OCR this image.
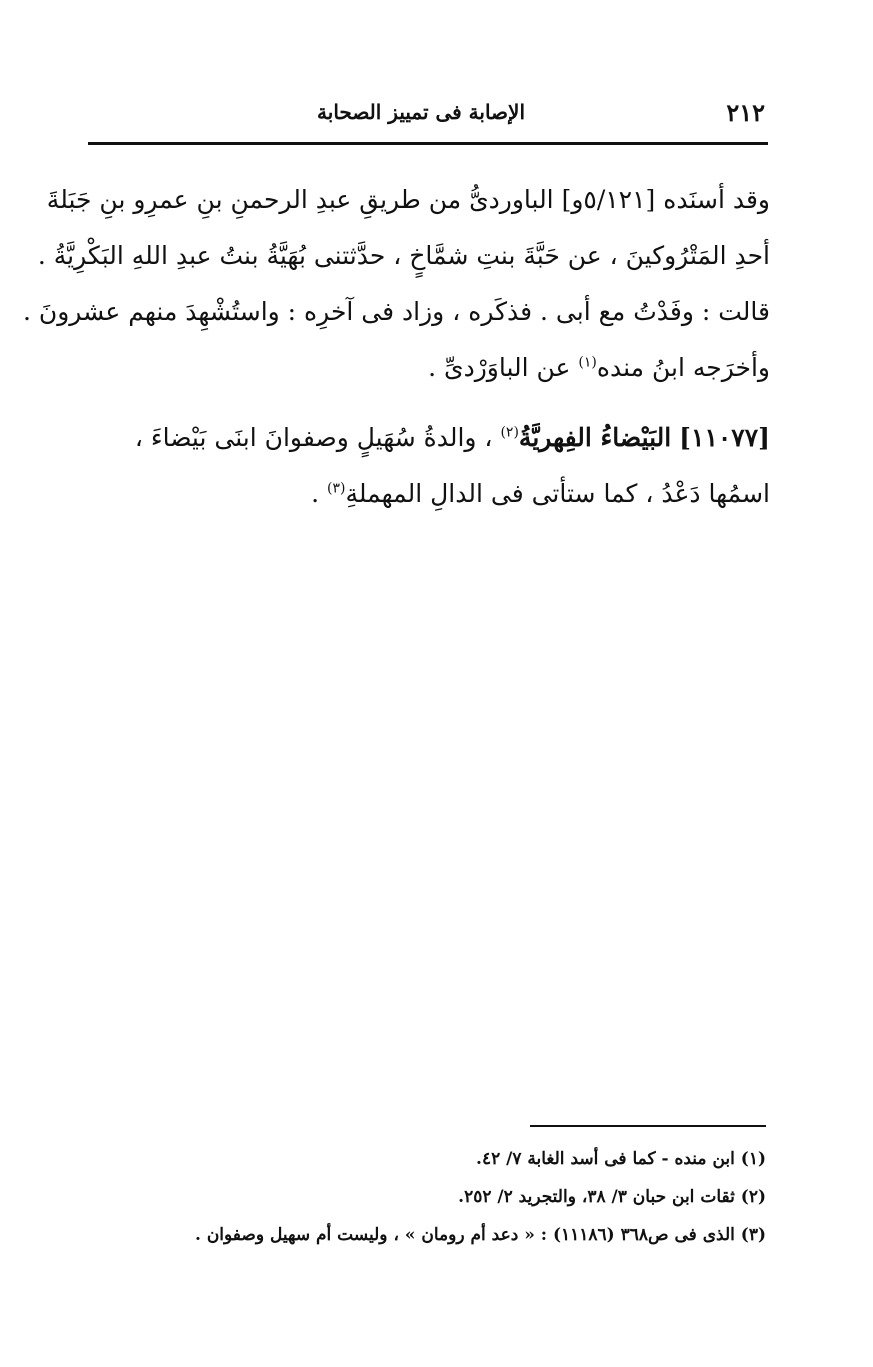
٢١٢
الإصابة فى تمييز الصحابة

وقد أسنَده [٥/١٢١و] الباوردىُّ من طريقِ عبدِ الرحمنِ بنِ عمرِو بنِ جَبَلةَ
أحدِ المَتْرُوكينَ ، عن حَبَّةَ بنتِ شمَّاخٍ ، حدَّثتنى بُهَيَّةُ بنتُ عبدِ اللهِ البَكْرِيَّةُ .
قالت : وفَدْتُ مع أبى . فذكَره ، وزاد فى آخرِه : واستُشْهِدَ منهم عشرونَ .
وأخرَجه ابنُ منده$^{(١)}$ عن الباوَرْدىِّ .

[١١٠٧٧] البَيْضاءُ الفِهريَّةُ$^{(٢)}$ ، والدةُ سُهَيلٍ وصفوانَ ابنَى بَيْضاءَ ،
اسمُها دَعْدُ ، كما ستأتى فى الدالِ المهملةِ$^{(٣)}$ .

(١) ابن منده - كما فى أسد الغابة ٧/ ٤٢.
(٢) ثقات ابن حبان ٣/ ٣٨، والتجريد ٢/ ٢٥٢.
(٣) الذى فى ص٣٦٨ (١١١٨٦) : « دعد أم رومان » ، وليست أم سهيل وصفوان .
